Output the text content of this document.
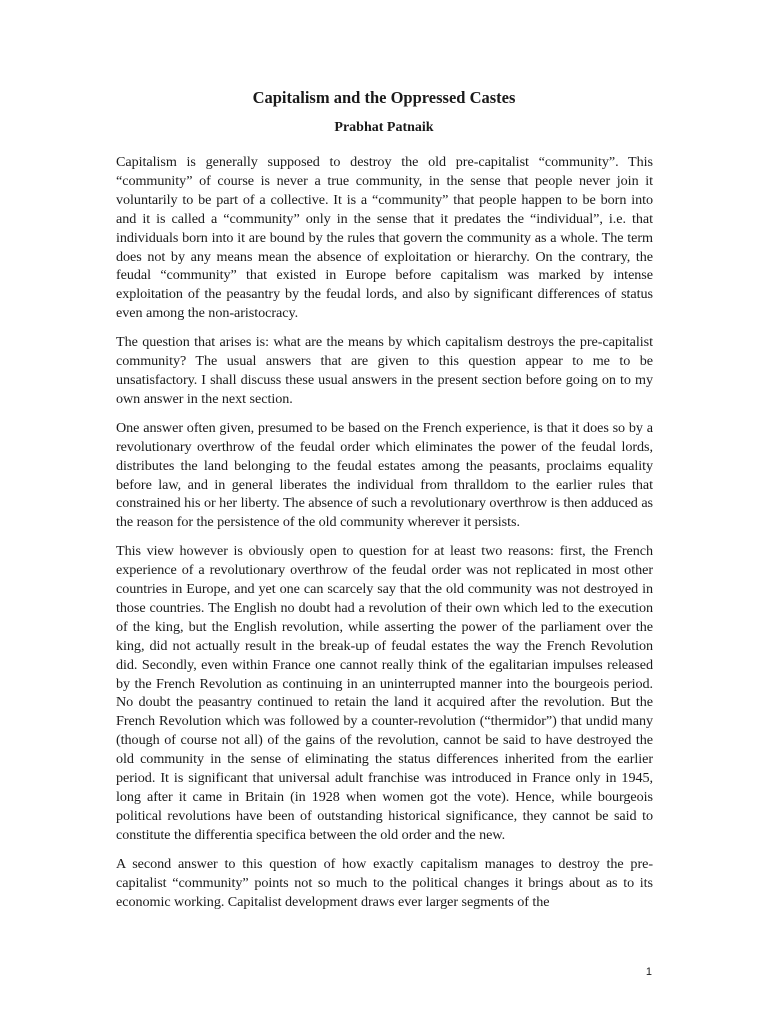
Capitalism and the Oppressed Castes

Prabhat Patnaik

Capitalism is generally supposed to destroy the old pre-capitalist “community”. This “community” of course is never a true community, in the sense that people never join it voluntarily to be part of a collective. It is a “community” that people happen to be born into and it is called a “community” only in the sense that it predates the “individual”, i.e. that individuals born into it are bound by the rules that govern the community as a whole. The term does not by any means mean the absence of exploitation or hierarchy. On the contrary, the feudal “community” that existed in Europe before capitalism was marked by intense exploitation of the peasantry by the feudal lords, and also by significant differences of status even among the non-aristocracy.

The question that arises is: what are the means by which capitalism destroys the pre-capitalist community? The usual answers that are given to this question appear to me to be unsatisfactory. I shall discuss these usual answers in the present section before going on to my own answer in the next section.

One answer often given, presumed to be based on the French experience, is that it does so by a revolutionary overthrow of the feudal order which eliminates the power of the feudal lords, distributes the land belonging to the feudal estates among the peasants, proclaims equality before law, and in general liberates the individual from thralldom to the earlier rules that constrained his or her liberty. The absence of such a revolutionary overthrow is then adduced as the reason for the persistence of the old community wherever it persists.

This view however is obviously open to question for at least two reasons: first, the French experience of a revolutionary overthrow of the feudal order was not replicated in most other countries in Europe, and yet one can scarcely say that the old community was not destroyed in those countries. The English no doubt had a revolution of their own which led to the execution of the king, but the English revolution, while asserting the power of the parliament over the king, did not actually result in the break-up of feudal estates the way the French Revolution did. Secondly, even within France one cannot really think of the egalitarian impulses released by the French Revolution as continuing in an uninterrupted manner into the bourgeois period. No doubt the peasantry continued to retain the land it acquired after the revolution. But the French Revolution which was followed by a counter-revolution (“thermidor”) that undid many (though of course not all) of the gains of the revolution, cannot be said to have destroyed the old community in the sense of eliminating the status differences inherited from the earlier period. It is significant that universal adult franchise was introduced in France only in 1945, long after it came in Britain (in 1928 when women got the vote). Hence, while bourgeois political revolutions have been of outstanding historical significance, they cannot be said to constitute the differentia specifica between the old order and the new.

A second answer to this question of how exactly capitalism manages to destroy the pre-capitalist “community” points not so much to the political changes it brings about as to its economic working. Capitalist development draws ever larger segments of the

1
